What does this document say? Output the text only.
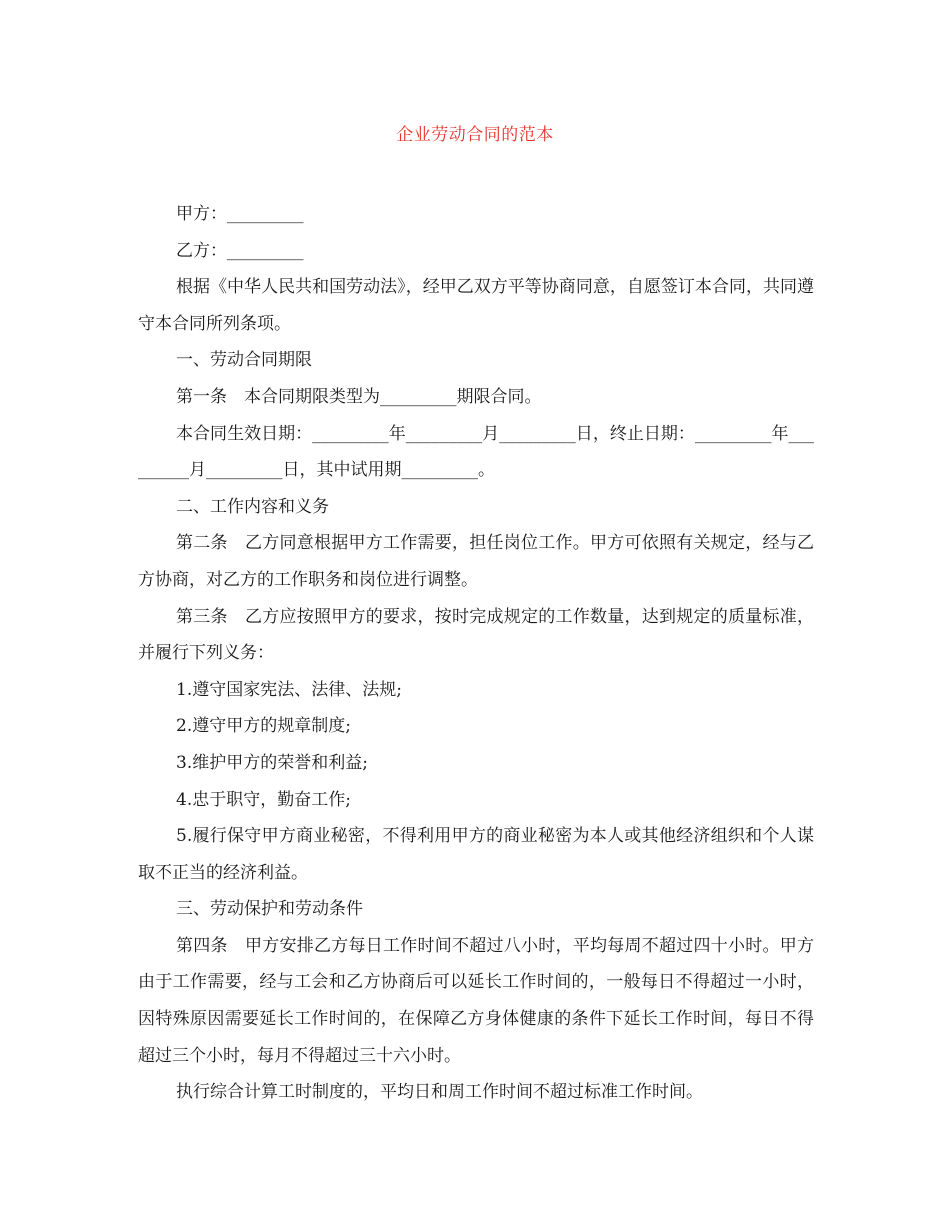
企业劳动合同的范本

甲方：_________

乙方：_________

根据《中华人民共和国劳动法》，经甲乙双方平等协商同意，自愿签订本合同，共同遵守本合同所列条项。

一、劳动合同期限

第一条　本合同期限类型为_________期限合同。

本合同生效日期：_________年_________月_________日，终止日期：_________年_________月_________日，其中试用期_________。

二、工作内容和义务

第二条　乙方同意根据甲方工作需要，担任岗位工作。甲方可依照有关规定，经与乙方协商，对乙方的工作职务和岗位进行调整。

第三条　乙方应按照甲方的要求，按时完成规定的工作数量，达到规定的质量标准，并履行下列义务：

1.遵守国家宪法、法律、法规;

2.遵守甲方的规章制度;

3.维护甲方的荣誉和利益;

4.忠于职守，勤奋工作;

5.履行保守甲方商业秘密，不得利用甲方的商业秘密为本人或其他经济组织和个人谋取不正当的经济利益。

三、劳动保护和劳动条件

第四条　甲方安排乙方每日工作时间不超过八小时，平均每周不超过四十小时。甲方由于工作需要，经与工会和乙方协商后可以延长工作时间的，一般每日不得超过一小时，因特殊原因需要延长工作时间的，在保障乙方身体健康的条件下延长工作时间，每日不得超过三个小时，每月不得超过三十六小时。

执行综合计算工时制度的，平均日和周工作时间不超过标准工作时间。
